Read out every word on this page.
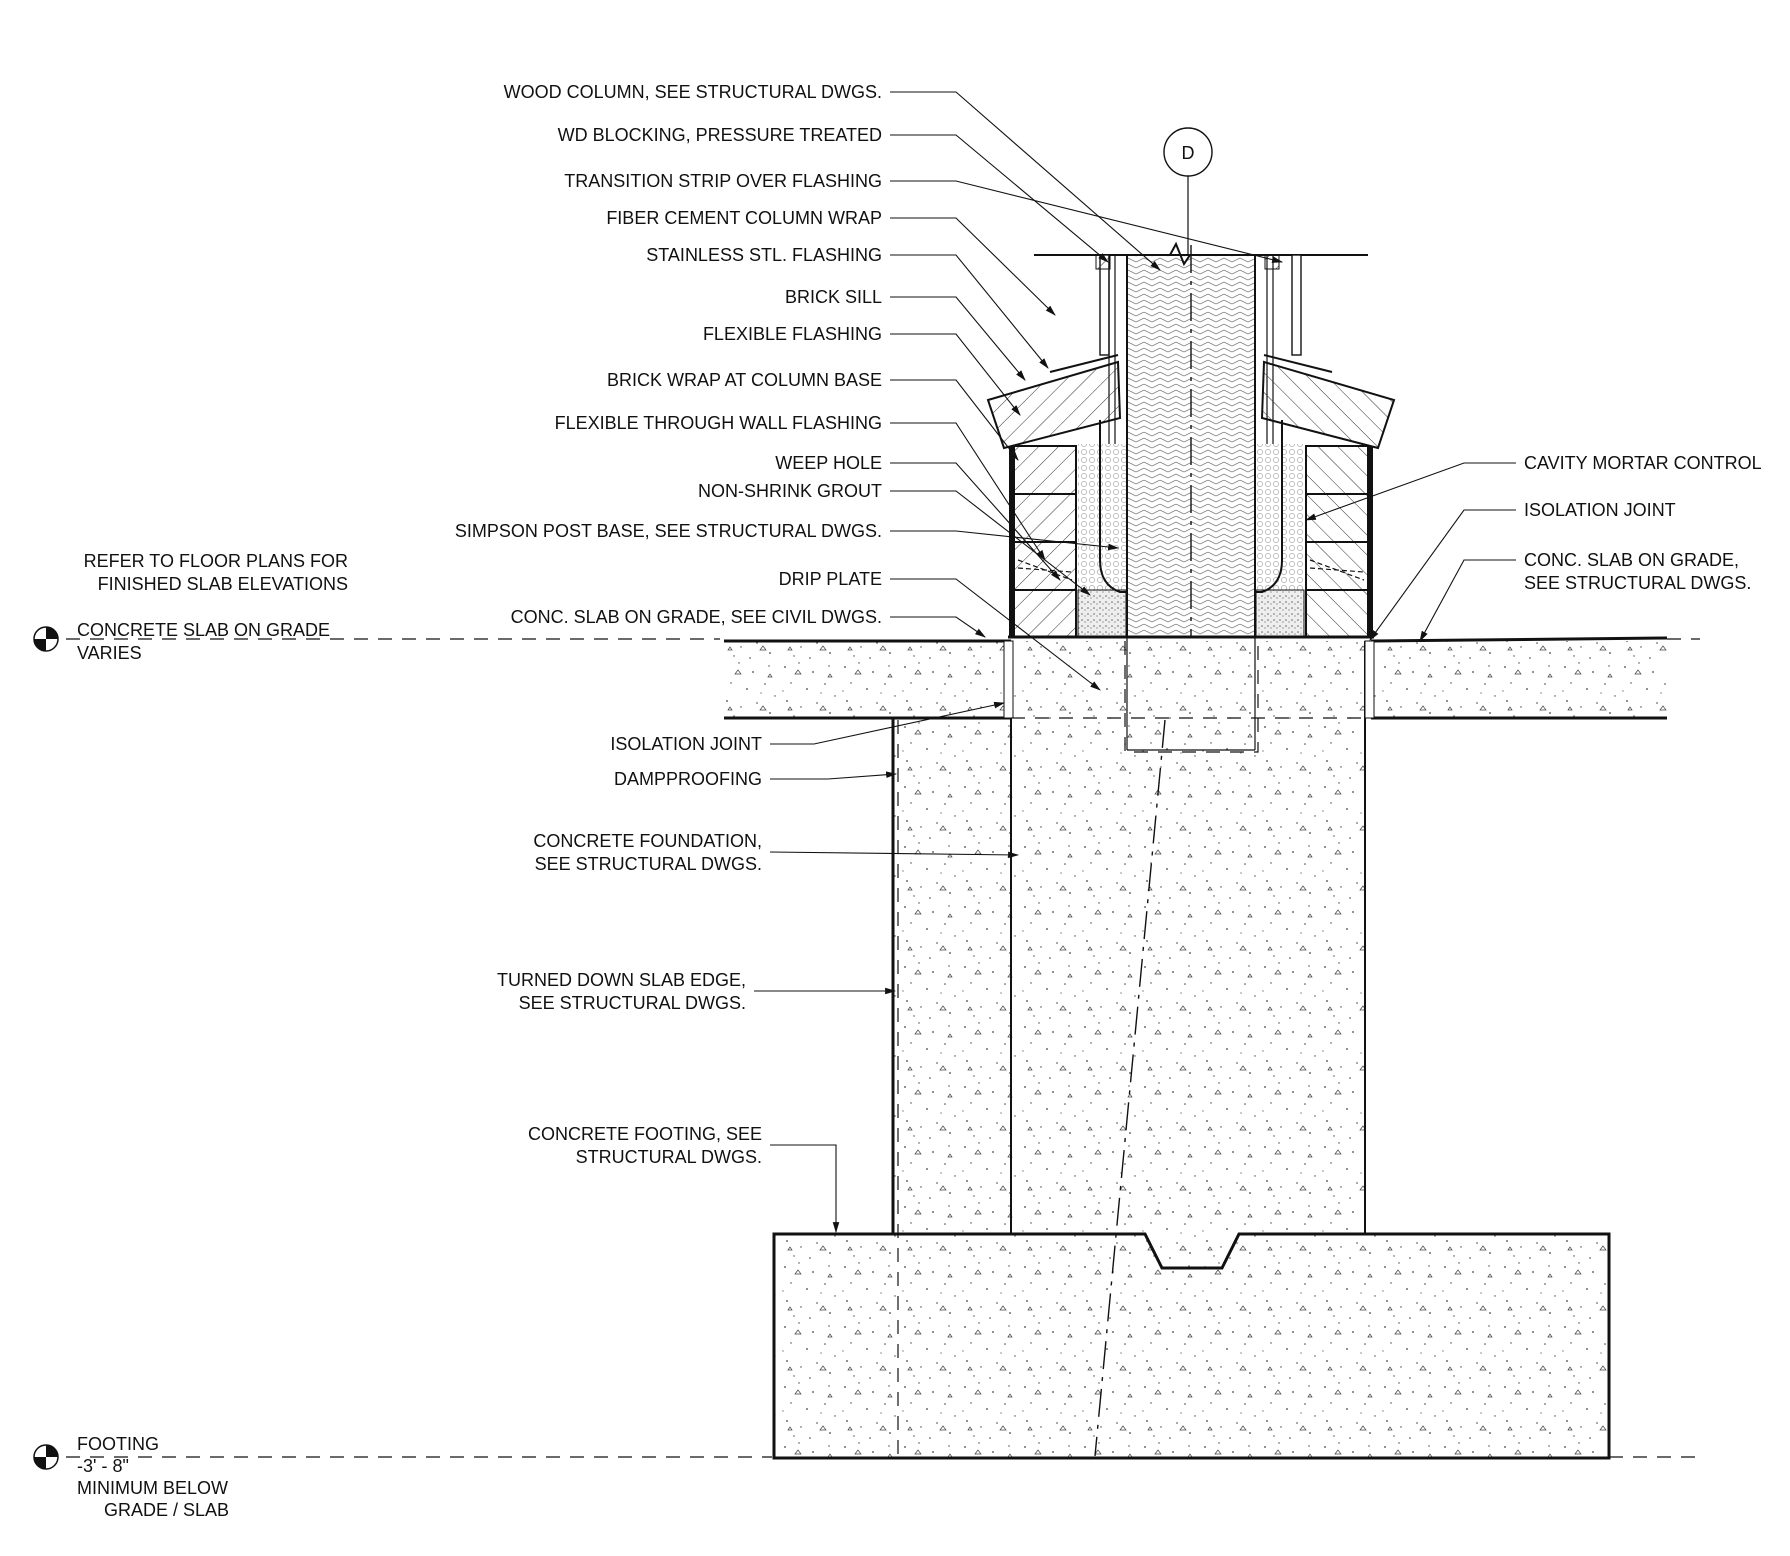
D
WOOD COLUMN, SEE STRUCTURAL DWGS.
WD BLOCKING, PRESSURE TREATED
TRANSITION STRIP OVER FLASHING
FIBER CEMENT COLUMN WRAP
STAINLESS STL. FLASHING
BRICK SILL
FLEXIBLE FLASHING
BRICK WRAP AT COLUMN BASE
FLEXIBLE THROUGH WALL FLASHING
WEEP HOLE
NON-SHRINK GROUT
SIMPSON POST BASE, SEE STRUCTURAL DWGS.
DRIP PLATE
CONC. SLAB ON GRADE, SEE CIVIL DWGS.
CAVITY MORTAR CONTROL
ISOLATION JOINT
CONC. SLAB ON GRADE,
SEE STRUCTURAL DWGS.
ISOLATION JOINT
DAMPPROOFING
CONCRETE FOUNDATION,
SEE STRUCTURAL DWGS.
TURNED DOWN SLAB EDGE,
SEE STRUCTURAL DWGS.
CONCRETE FOOTING, SEE
STRUCTURAL DWGS.
REFER TO FLOOR PLANS FOR
FINISHED SLAB ELEVATIONS
CONCRETE SLAB ON GRADE
VARIES
FOOTING
-3' - 8"
MINIMUM BELOW
GRADE / SLAB
